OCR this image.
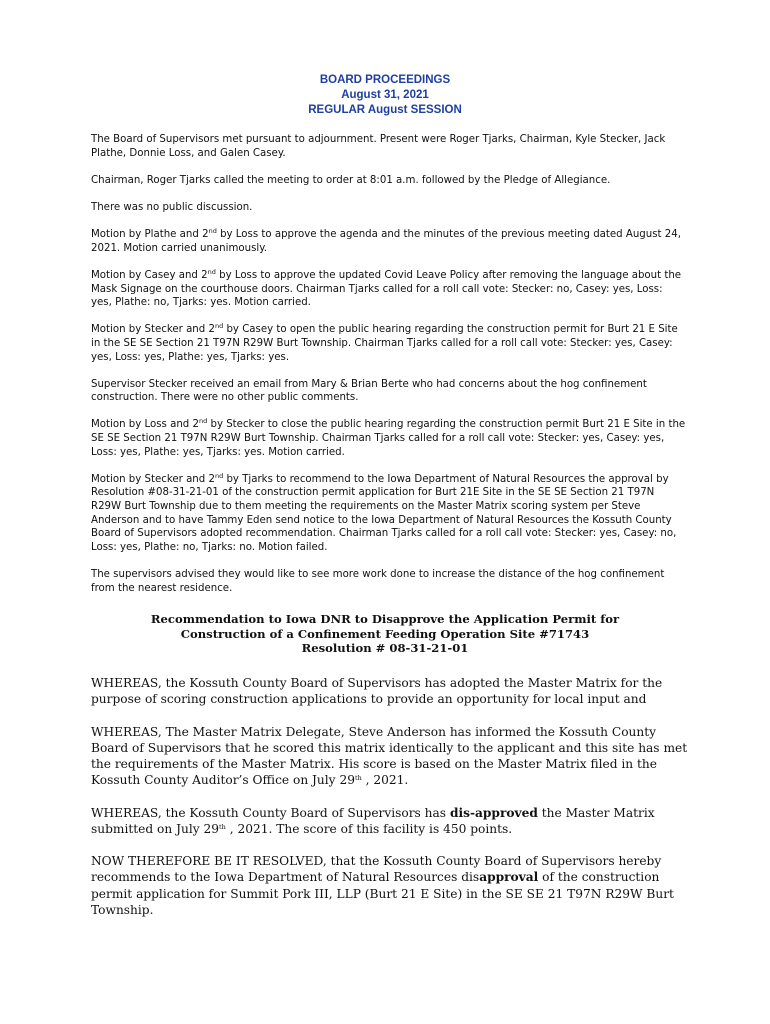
BOARD PROCEEDINGS
August 31, 2021
REGULAR August SESSION

The Board of Supervisors met pursuant to adjournment. Present were Roger Tjarks, Chairman, Kyle Stecker, Jack Plathe, Donnie Loss, and Galen Casey.

Chairman, Roger Tjarks called the meeting to order at 8:01 a.m. followed by the Pledge of Allegiance.

There was no public discussion.

Motion by Plathe and 2nd by Loss to approve the agenda and the minutes of the previous meeting dated August 24, 2021. Motion carried unanimously.

Motion by Casey and 2nd by Loss to approve the updated Covid Leave Policy after removing the language about the Mask Signage on the courthouse doors. Chairman Tjarks called for a roll call vote: Stecker: no, Casey: yes, Loss: yes, Plathe: no, Tjarks: yes. Motion carried.

Motion by Stecker and 2nd by Casey to open the public hearing regarding the construction permit for Burt 21 E Site in the SE SE Section 21 T97N R29W Burt Township. Chairman Tjarks called for a roll call vote: Stecker: yes, Casey: yes, Loss: yes, Plathe: yes, Tjarks: yes.

Supervisor Stecker received an email from Mary & Brian Berte who had concerns about the hog confinement construction. There were no other public comments.

Motion by Loss and 2nd by Stecker to close the public hearing regarding the construction permit Burt 21 E Site in the SE SE Section 21 T97N R29W Burt Township. Chairman Tjarks called for a roll call vote: Stecker: yes, Casey: yes, Loss: yes, Plathe: yes, Tjarks: yes. Motion carried.

Motion by Stecker and 2nd by Tjarks to recommend to the Iowa Department of Natural Resources the approval by Resolution #08-31-21-01 of the construction permit application for Burt 21E Site in the SE SE Section 21 T97N R29W Burt Township due to them meeting the requirements on the Master Matrix scoring system per Steve Anderson and to have Tammy Eden send notice to the Iowa Department of Natural Resources the Kossuth County Board of Supervisors adopted recommendation. Chairman Tjarks called for a roll call vote: Stecker: yes, Casey: no, Loss: yes, Plathe: no, Tjarks: no. Motion failed.

The supervisors advised they would like to see more work done to increase the distance of the hog confinement from the nearest residence.

Recommendation to Iowa DNR to Disapprove the Application Permit for
Construction of a Confinement Feeding Operation Site #71743
Resolution # 08-31-21-01

WHEREAS, the Kossuth County Board of Supervisors has adopted the Master Matrix for the purpose of scoring construction applications to provide an opportunity for local input and

WHEREAS, The Master Matrix Delegate, Steve Anderson has informed the Kossuth County Board of Supervisors that he scored this matrix identically to the applicant and this site has met the requirements of the Master Matrix. His score is based on the Master Matrix filed in the Kossuth County Auditor’s Office on July 29th , 2021.

WHEREAS, the Kossuth County Board of Supervisors has dis-approved the Master Matrix submitted on July 29th , 2021. The score of this facility is 450 points.

NOW THEREFORE BE IT RESOLVED, that the Kossuth County Board of Supervisors hereby recommends to the Iowa Department of Natural Resources disapproval of the construction permit application for Summit Pork III, LLP (Burt 21 E Site) in the SE SE 21 T97N R29W Burt Township.
